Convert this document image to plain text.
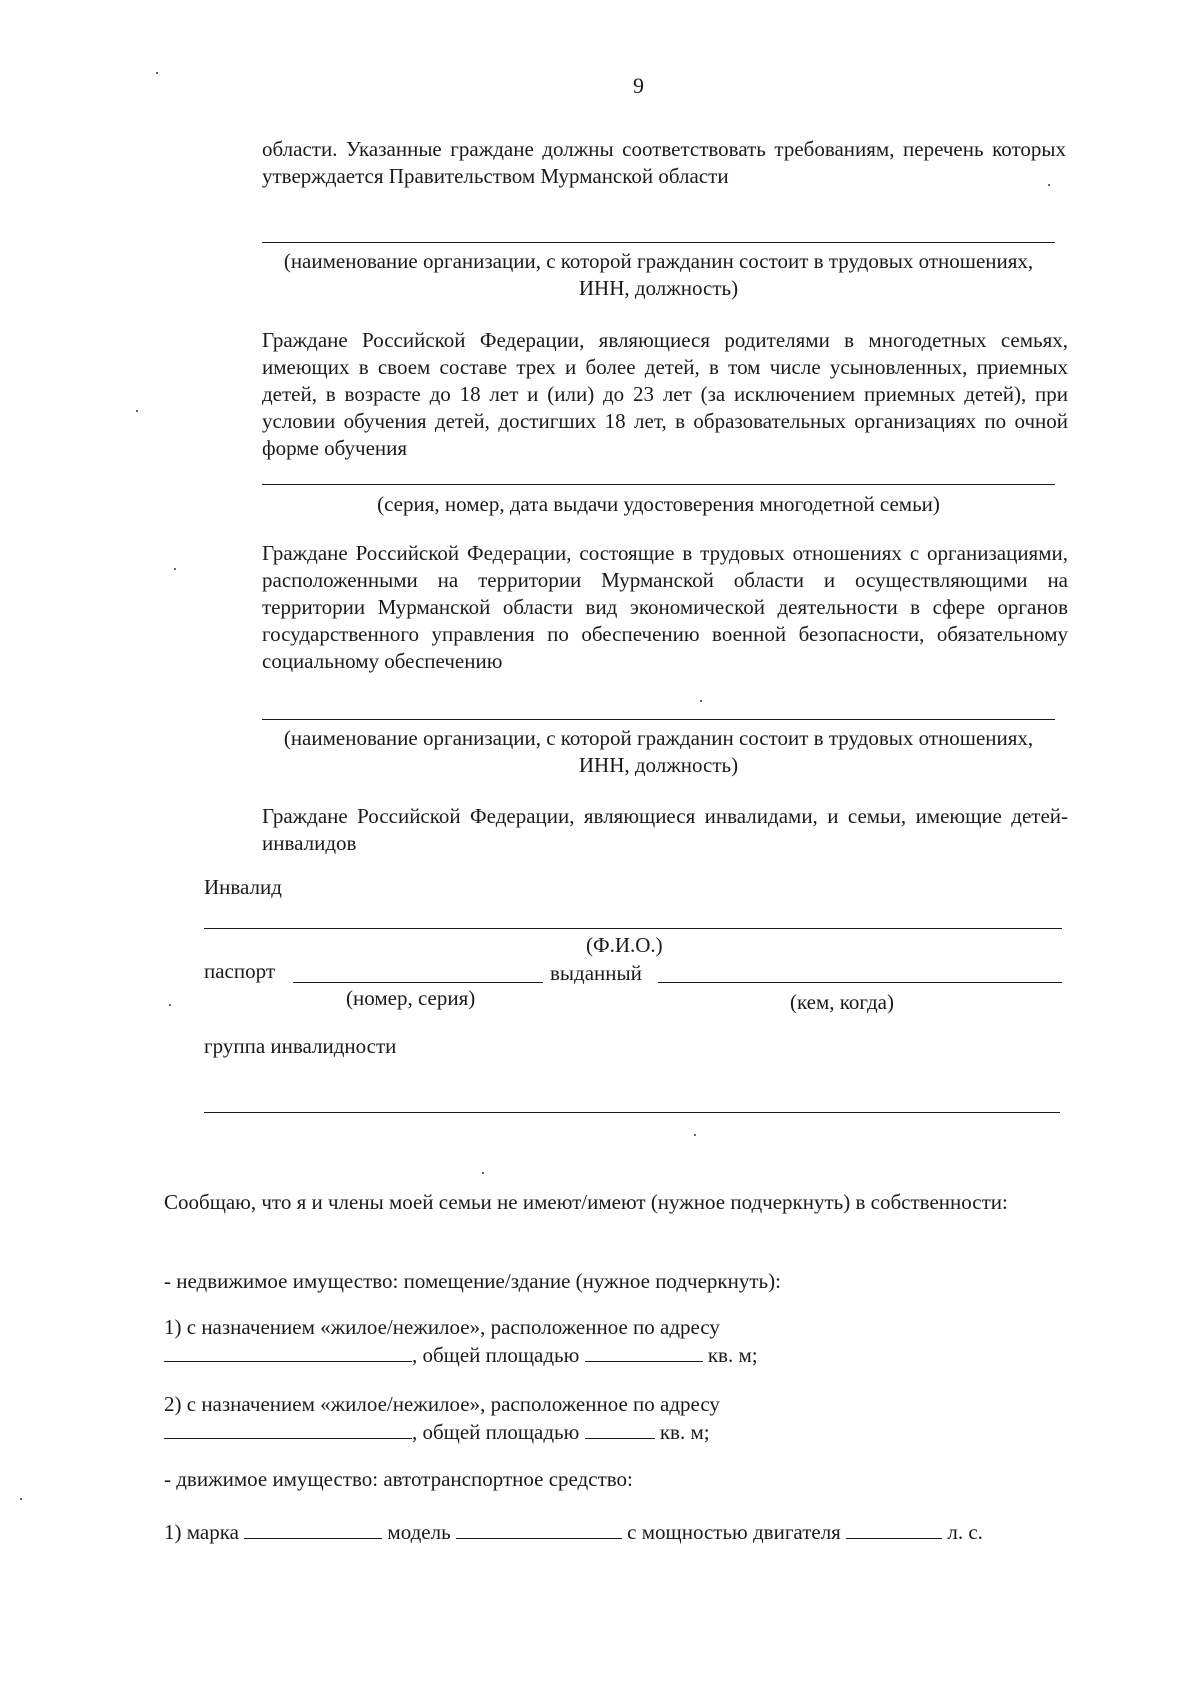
9
области. Указанные граждане должны соответствовать требованиям, перечень которых утверждается Правительством Мурманской области
(наименование организации, с которой гражданин состоит в трудовых отношениях, ИНН, должность)
Граждане Российской Федерации, являющиеся родителями в многодетных семьях, имеющих в своем составе трех и более детей, в том числе усыновленных, приемных детей, в возрасте до 18 лет и (или) до 23 лет (за исключением приемных детей), при условии обучения детей, достигших 18 лет, в образовательных организациях по очной форме обучения
(серия, номер, дата выдачи удостоверения многодетной семьи)
Граждане Российской Федерации, состоящие в трудовых отношениях с организациями, расположенными на территории Мурманской области и осуществляющими на территории Мурманской области вид экономической деятельности в сфере органов государственного управления по обеспечению военной безопасности, обязательному социальному обеспечению
(наименование организации, с которой гражданин состоит в трудовых отношениях, ИНН, должность)
Граждане Российской Федерации, являющиеся инвалидами, и семьи, имеющие детей-инвалидов
Инвалид
(Ф.И.О.)
паспорт	выданный
(номер, серия)	(кем, когда)
группа инвалидности
Сообщаю, что я и члены моей семьи не имеют/имеют (нужное подчеркнуть) в собственности:
- недвижимое имущество: помещение/здание (нужное подчеркнуть):
1) с назначением «жилое/нежилое», расположенное по адресу
, общей площадью	кв. м;
2) с назначением «жилое/нежилое», расположенное по адресу
, общей площадью	кв. м;
- движимое имущество: автотранспортное средство:
1) марка	модель	с мощностью двигателя	л. с.
